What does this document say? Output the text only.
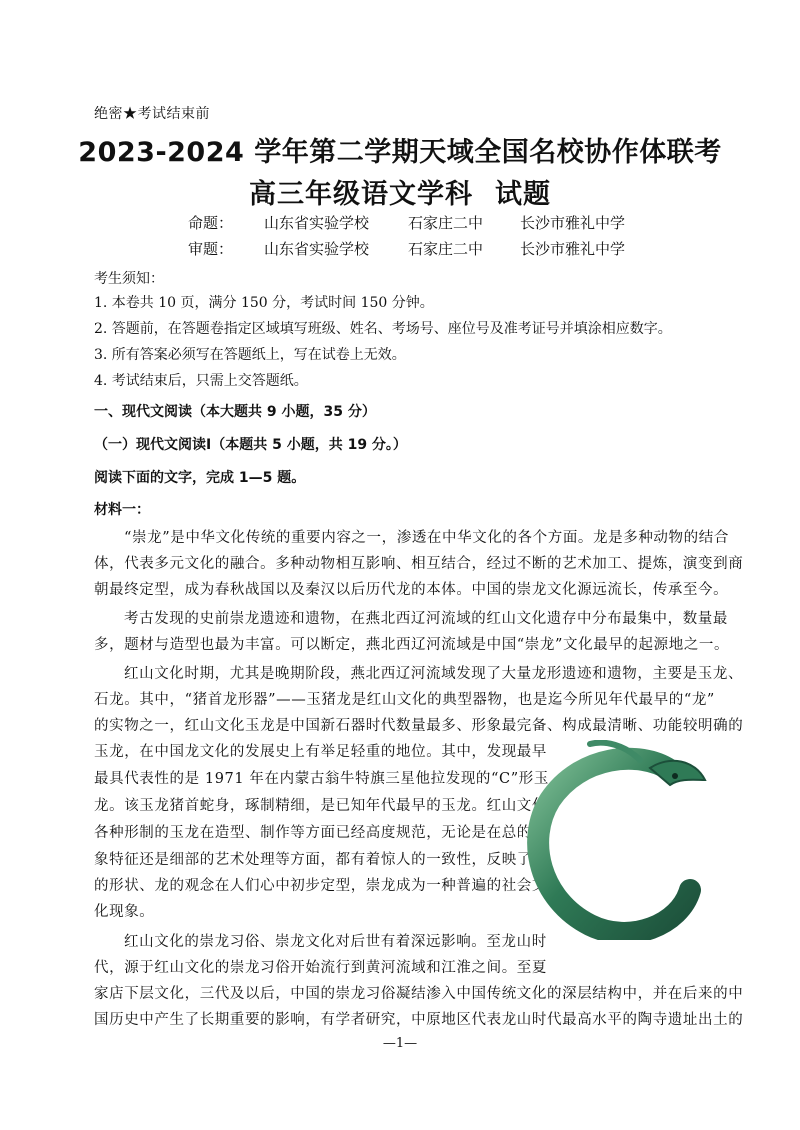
绝密★考试结束前
2023-2024 学年第二学期天域全国名校协作体联考
高三年级语文学科 试题
命题： 山东省实验学校	石家庄二中 长沙市雅礼中学
审题： 山东省实验学校	石家庄二中 长沙市雅礼中学
考生须知：
1. 本卷共 10 页，满分 150 分，考试时间 150 分钟。
2. 答题前，在答题卷指定区域填写班级、姓名、考场号、座位号及准考证号并填涂相应数字。
3. 所有答案必须写在答题纸上，写在试卷上无效。
4. 考试结束后，只需上交答题纸。
一、现代文阅读（本大题共 9 小题，35 分）
（一）现代文阅读Ⅰ（本题共 5 小题，共 19 分。）
阅读下面的文字，完成 1—5 题。
材料一：
“崇龙”是中华文化传统的重要内容之一，渗透在中华文化的各个方面。龙是多种动物的结合
体，代表多元文化的融合。多种动物相互影响、相互结合，经过不断的艺术加工、提炼，演变到商
朝最终定型，成为春秋战国以及秦汉以后历代龙的本体。中国的崇龙文化源远流长，传承至今。
考古发现的史前崇龙遗迹和遗物，在燕北西辽河流域的红山文化遗存中分布最集中，数量最
多，题材与造型也最为丰富。可以断定，燕北西辽河流域是中国“崇龙”文化最早的起源地之一。
红山文化时期，尤其是晚期阶段，燕北西辽河流域发现了大量龙形遗迹和遗物，主要是玉龙、
石龙。其中，“猪首龙形器”——玉猪龙是红山文化的典型器物，也是迄今所见年代最早的“龙”
的实物之一，红山文化玉龙是中国新石器时代数量最多、形象最完备、构成最清晰、功能较明确的
玉龙，在中国龙文化的发展史上有举足轻重的地位。其中，发现最早
最具代表性的是 1971 年在内蒙古翁牛特旗三星他拉发现的“C”形玉
龙。该玉龙猪首蛇身，琢制精细，是已知年代最早的玉龙。红山文化
各种形制的玉龙在造型、制作等方面已经高度规范，无论是在总的形
象特征还是细部的艺术处理等方面，都有着惊人的一致性，反映了龙
的形状、龙的观念在人们心中初步定型，崇龙成为一种普遍的社会文
化现象。
红山文化的崇龙习俗、崇龙文化对后世有着深远影响。至龙山时
代，源于红山文化的崇龙习俗开始流行到黄河流域和江淮之间。至夏
家店下层文化，三代及以后，中国的崇龙习俗凝结渗入中国传统文化的深层结构中，并在后来的中
国历史中产生了长期重要的影响，有学者研究，中原地区代表龙山时代最高水平的陶寺遗址出土的
—1—
